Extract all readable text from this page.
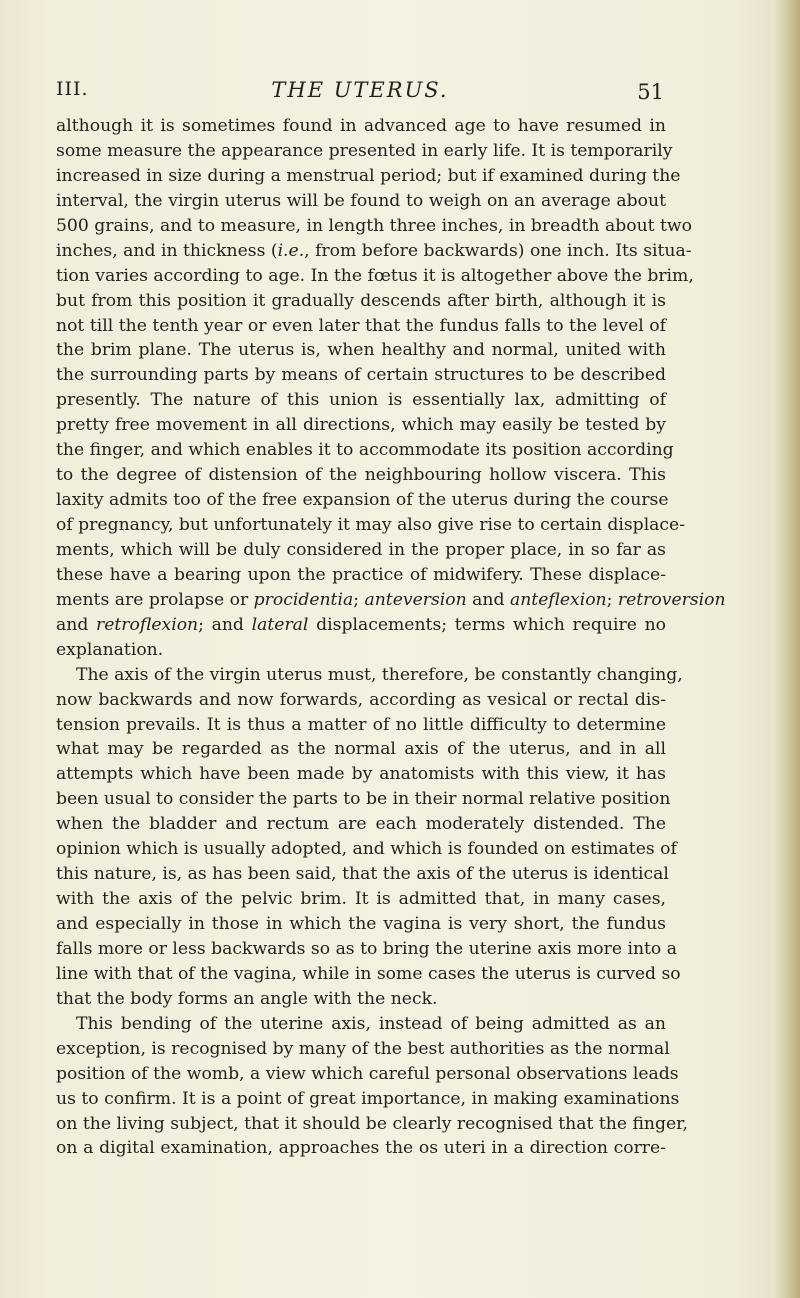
III.	THE UTERUS.	51
although it is sometimes found in advanced age to have resumed in
some measure the appearance presented in early life. It is temporarily
increased in size during a menstrual period; but if examined during the
interval, the virgin uterus will be found to weigh on an average about
500 grains, and to measure, in length three inches, in breadth about two
inches, and in thickness (i.e., from before backwards) one inch. Its situa-
tion varies according to age. In the fœtus it is altogether above the brim,
but from this position it gradually descends after birth, although it is
not till the tenth year or even later that the fundus falls to the level of
the brim plane. The uterus is, when healthy and normal, united with
the surrounding parts by means of certain structures to be described
presently. The nature of this union is essentially lax, admitting of
pretty free movement in all directions, which may easily be tested by
the finger, and which enables it to accommodate its position according
to the degree of distension of the neighbouring hollow viscera. This
laxity admits too of the free expansion of the uterus during the course
of pregnancy, but unfortunately it may also give rise to certain displace-
ments, which will be duly considered in the proper place, in so far as
these have a bearing upon the practice of midwifery. These displace-
ments are prolapse or procidentia; anteversion and anteflexion; retroversion
and retroflexion; and lateral displacements; terms which require no
explanation.
The axis of the virgin uterus must, therefore, be constantly changing,
now backwards and now forwards, according as vesical or rectal dis-
tension prevails. It is thus a matter of no little difficulty to determine
what may be regarded as the normal axis of the uterus, and in all
attempts which have been made by anatomists with this view, it has
been usual to consider the parts to be in their normal relative position
when the bladder and rectum are each moderately distended. The
opinion which is usually adopted, and which is founded on estimates of
this nature, is, as has been said, that the axis of the uterus is identical
with the axis of the pelvic brim. It is admitted that, in many cases,
and especially in those in which the vagina is very short, the fundus
falls more or less backwards so as to bring the uterine axis more into a
line with that of the vagina, while in some cases the uterus is curved so
that the body forms an angle with the neck.
This bending of the uterine axis, instead of being admitted as an
exception, is recognised by many of the best authorities as the normal
position of the womb, a view which careful personal observations leads
us to confirm. It is a point of great importance, in making examinations
on the living subject, that it should be clearly recognised that the finger,
on a digital examination, approaches the os uteri in a direction corre-
